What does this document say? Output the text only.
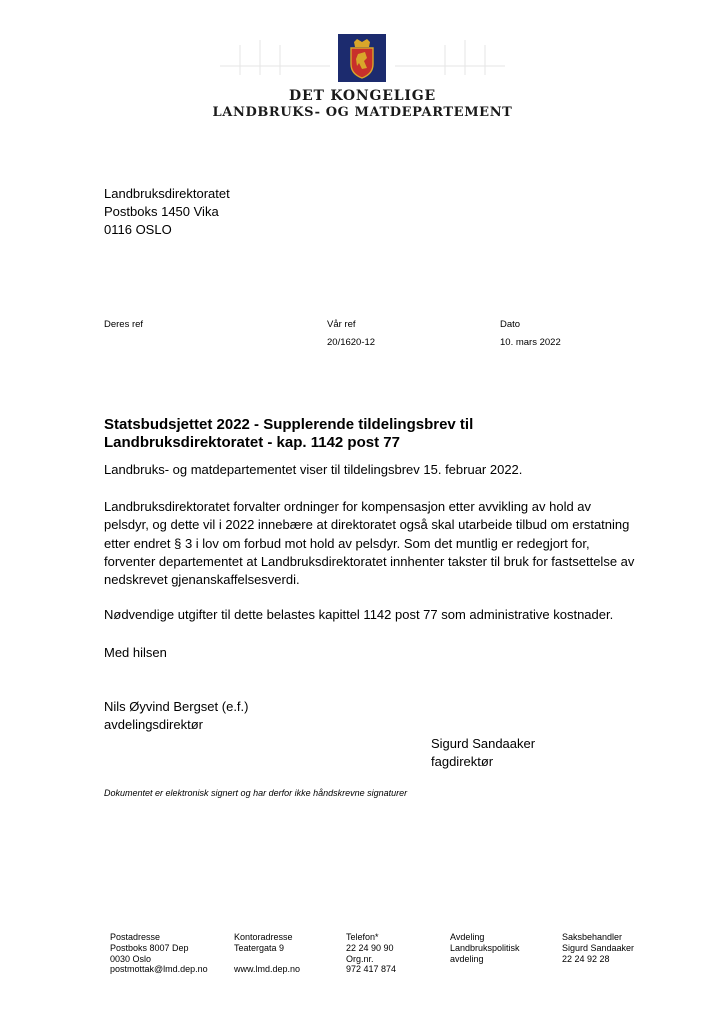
DET KONGELIGE
LANDBRUKS- OG MATDEPARTEMENT
Landbruksdirektoratet
Postboks 1450 Vika
0116 OSLO
Deres ref	Vår ref
20/1620-12
Dato
10. mars 2022
Statsbudsjettet 2022 - Supplerende tildelingsbrev til
Landbruksdirektoratet - kap. 1142 post 77
Landbruks- og matdepartementet viser til tildelingsbrev 15. februar 2022.
Landbruksdirektoratet forvalter ordninger for kompensasjon etter avvikling av hold av
pelsdyr, og dette vil i 2022 innebære at direktoratet også skal utarbeide tilbud om erstatning
etter endret § 3 i lov om forbud mot hold av pelsdyr. Som det muntlig er redegjort for,
forventer departementet at Landbruksdirektoratet innhenter takster til bruk for fastsettelse av
nedskrevet gjenanskaffelsesverdi.
Nødvendige utgifter til dette belastes kapittel 1142 post 77 som administrative kostnader.
Med hilsen
Nils Øyvind Bergset (e.f.)
avdelingsdirektør
Sigurd Sandaaker
fagdirektør
Dokumentet er elektronisk signert og har derfor ikke håndskrevne signaturer
Postadresse
Postboks 8007 Dep
0030 Oslo
postmottak@lmd.dep.no
Kontoradresse
Teatergata 9

www.lmd.dep.no
Telefon*
22 24 90 90
Org.nr.
972 417 874
Avdeling
Landbrukspolitisk
avdeling
Saksbehandler
Sigurd Sandaaker
22 24 92 28
